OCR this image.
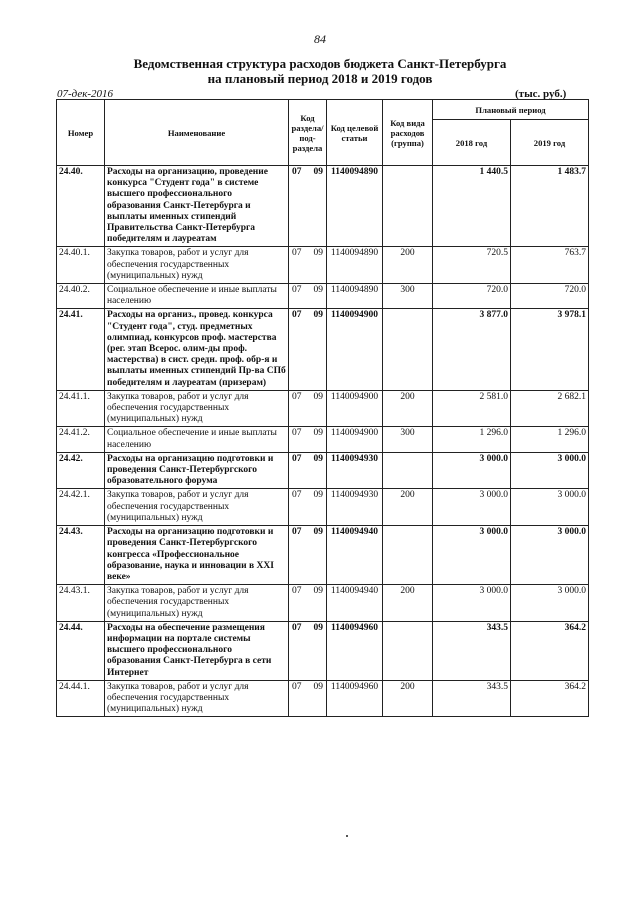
84
Ведомственная структура расходов бюджета Санкт-Петербурга
на плановый период 2018 и 2019 годов
07-дек-2016	(тыс. руб.)
Номер	Наименование	Код раздела/ под- раздела	Код целевой статьи	Код вида расходов (группа)	Плановый период	
					2018 год	2019 год
24.40.	Расходы на организацию, проведение конкурса "Студент года" в системе высшего профессионального образования Санкт-Петербурга и выплаты именных стипендий Правительства Санкт-Петербурга победителям и лауреатам	07 09	1140094890		1 440.5	1 483.7
24.40.1.	Закупка товаров, работ и услуг для обеспечения государственных (муниципальных) нужд	07 09	1140094890	200	720.5	763.7
24.40.2.	Социальное обеспечение и иные выплаты населению	07 09	1140094890	300	720.0	720.0
24.41.	Расходы на организ., провед. конкурса "Студент года", студ. предметных олимпиад, конкурсов проф. мастерства (рег. этап Всерос. олим-ды проф. мастерства) в сист. средн. проф. обр-я и выплаты именных стипендий Пр-ва СПб победителям и лауреатам (призерам)	07 09	1140094900		3 877.0	3 978.1
24.41.1.	Закупка товаров, работ и услуг для обеспечения государственных (муниципальных) нужд	07 09	1140094900	200	2 581.0	2 682.1
24.41.2.	Социальное обеспечение и иные выплаты населению	07 09	1140094900	300	1 296.0	1 296.0
24.42.	Расходы на организацию подготовки и проведения Санкт-Петербургского образовательного форума	07 09	1140094930		3 000.0	3 000.0
24.42.1.	Закупка товаров, работ и услуг для обеспечения государственных (муниципальных) нужд	07 09	1140094930	200	3 000.0	3 000.0
24.43.	Расходы на организацию подготовки и проведения Санкт-Петербургского конгресса «Профессиональное образование, наука и инновации в XXI веке»	07 09	1140094940		3 000.0	3 000.0
24.43.1.	Закупка товаров, работ и услуг для обеспечения государственных (муниципальных) нужд	07 09	1140094940	200	3 000.0	3 000.0
24.44.	Расходы на обеспечение размещения информации на портале системы высшего профессионального образования Санкт-Петербурга в сети Интернет	07 09	1140094960		343.5	364.2
24.44.1.	Закупка товаров, работ и услуг для обеспечения государственных (муниципальных) нужд	07 09	1140094960	200	343.5	364.2
